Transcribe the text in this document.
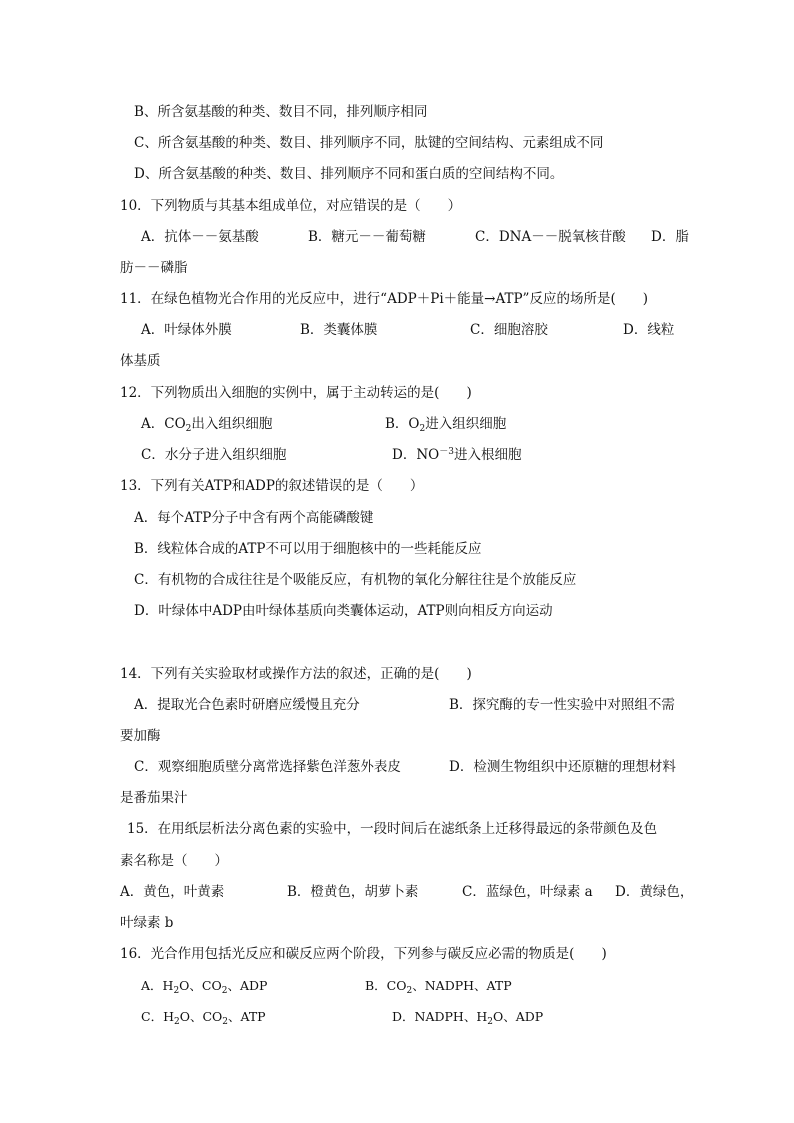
B、所含氨基酸的种类、数目不同，排列顺序相同
C、所含氨基酸的种类、数目、排列顺序不同，肽键的空间结构、元素组成不同
D、所含氨基酸的种类、数目、排列顺序不同和蛋白质的空间结构不同。
10．下列物质与其基本组成单位，对应错误的是（　　）
A．抗体－－氨基酸	B．糖元－－葡萄糖	C．DNA－－脱氧核苷酸 D．脂
肪－－磷脂
11．在绿色植物光合作用的光反应中，进行“ADP＋Pi＋能量→ATP”反应的场所是(　　)
A．叶绿体外膜	B．类囊体膜	C．细胞溶胶	D．线粒
体基质
12．下列物质出入细胞的实例中，属于主动转运的是(　　)
A．$CO_2$出入组织细胞	B．$O_2$进入组织细胞
C．水分子进入组织细胞	D．$NO^{-3}$进入根细胞
13．下列有关ATP和ADP的叙述错误的是（　　）
A．每个ATP分子中含有两个高能磷酸键
B．线粒体合成的ATP不可以用于细胞核中的一些耗能反应
C．有机物的合成往往是个吸能反应，有机物的氧化分解往往是个放能反应
D．叶绿体中ADP由叶绿体基质向类囊体运动，ATP则向相反方向运动
14．下列有关实验取材或操作方法的叙述，正确的是(　　)
A．提取光合色素时研磨应缓慢且充分	B．探究酶的专一性实验中对照组不需
要加酶
C．观察细胞质壁分离常选择紫色洋葱外表皮	D．检测生物组织中还原糖的理想材料
是番茄果汁
15．在用纸层析法分离色素的实验中，一段时间后在滤纸条上迁移得最远的条带颜色及色
素名称是（　　）
A．黄色，叶黄素	B．橙黄色，胡萝卜素	C．蓝绿色，叶绿素 a D．黄绿色，
叶绿素 b
16．光合作用包括光反应和碳反应两个阶段，下列参与碳反应必需的物质是(　　)
A．$H_2O$、$CO_2$、ADP	B．$CO_2$、NADPH、ATP
C．$H_2O$、$CO_2$、ATP	D．NADPH、$H_2O$、ADP
